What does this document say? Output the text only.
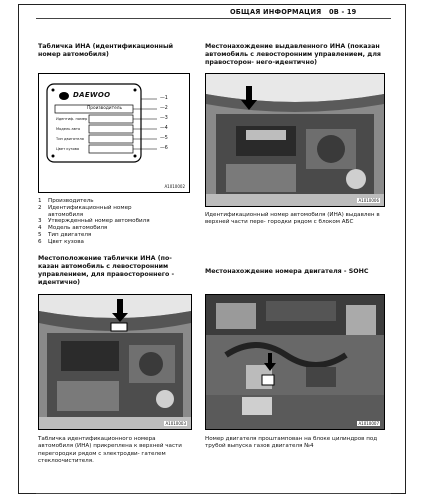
ОБЩАЯ ИНФОРМАЦИЯ 0B - 19
Табличка ИНА (идентификационный номер автомобиля)
DAEWOO
Производитель
Идентиф. номер
Модель авто
Тип двигателя
Цвет кузова
—1
—2
—3
—4
—5
—6
A1010002
1	Производитель
2	Идентификационный номер автомобиля
3	Утвержденный номер автомобиля
4	Модель автомобиля
5	Тип двигателя
6	Цвет кузова
Местонахождение выдавленного ИНА (показан автомобиль с левосторонним управлением, для правосторон- него-идентично)
A1010006
Идентификационный номер автомобиля (ИНА) выдавлен в верхней части пере- городки рядом с блоком АБС
Местоположение таблички ИНА (по- казан автомобиль с левосторонним управлением, для правостороннего - идентично)
A1010003
Табличка идентификационного номера автомобиля (ИНА) прикреплена к верхней части перегородки рядом с электродви- гателем стеклоочистителя.
Местонахождение номера двигателя - SOHC
A1010007
Номер двигателя проштампован на блоке цилиндров под трубой выпуска газов двигателя №4
